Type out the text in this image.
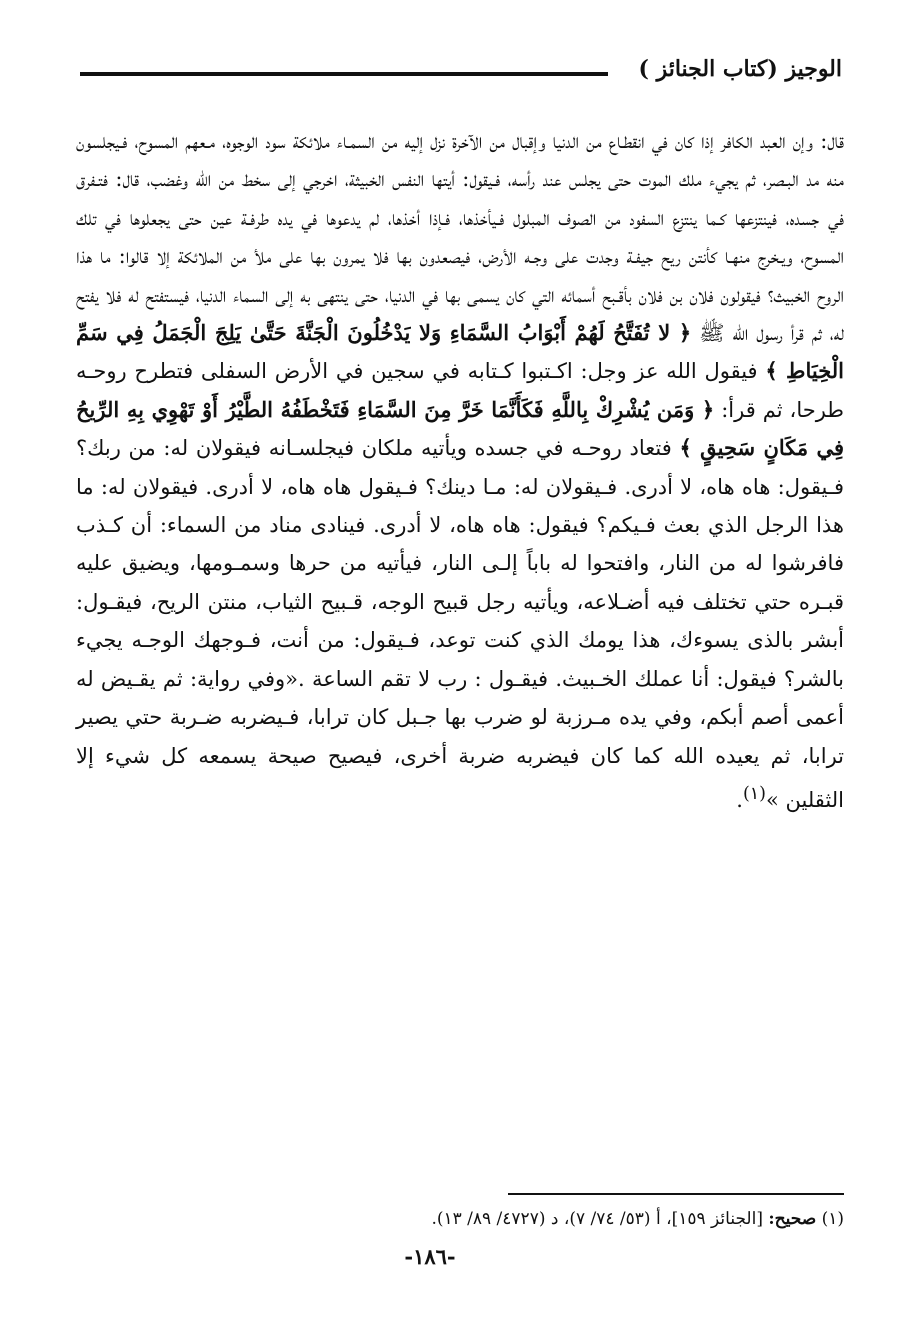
الوجيز (كتاب الجنائز )

قال: وإن العبد الكافر إذا كان في انقطـاع من الدنيا وإقبال من الآخرة نزل إليه من السمـاء ملائكة سود الوجوه، مـعهم المسوح، فـيجلسون منه مد البـصر، ثم يجيء ملك الموت حتى يجلس عند رأسه، فـيقول: أيتها النفس الخبيثة، اخرجي إلى سخط من الله وغضب، قال: فتـفرق في جسده، فينتزعها كـما ينتزع السفود من الصوف المبلول فـيأخذها، فـإذا أخذها، لم يدعوها في يده طرفـة عين حتى يجعلوها في تلك المسوح، ويـخرج منهـا كأنتن ريح جيفـة وجدت على وجـه الأرض، فيصعدون بها فلا يمرون بها على ملأ من الملائكة إلا قالوا: ما هذا الروح الخبيث؟ فيقولون فلان بن فلان بأقـبح أسمائه التي كان يسمى بها في الدنيا، حتى ينتهى به إلى السماء الدنيا، فيستفتح له فلا يفتح له، ثم قرأ رسول الله ﷺ ﴿ لا تُفَتَّحُ لَهُمْ أَبْوَابُ السَّمَاءِ وَلا يَدْخُلُونَ الْجَنَّةَ حَتَّىٰ يَلِجَ الْجَمَلُ فِي سَمِّ الْخِيَاطِ ﴾ فيقول الله عز وجل: اكـتبوا كـتابه في سجين في الأرض السفلى فتطرح روحـه طرحا، ثم قرأ: ﴿ وَمَن يُشْرِكْ بِاللَّهِ فَكَأَنَّمَا خَرَّ مِنَ السَّمَاءِ فَتَخْطَفُهُ الطَّيْرُ أَوْ تَهْوِي بِهِ الرِّيحُ فِي مَكَانٍ سَحِيقٍ ﴾ فتعاد روحـه في جسده ويأتيه ملكان فيجلسـانه فيقولان له: من ربك؟ فـيقول: هاه هاه، لا أدرى. فـيقولان له: مـا دينك؟ فـيقول هاه هاه، لا أدرى. فيقولان له: ما هذا الرجل الذي بعث فـيكم؟ فيقول: هاه هاه، لا أدرى. فينادى مناد من السماء: أن كـذب فافرشوا له من النار، وافتحوا له باباً إلـى النار، فيأتيه من حرها وسمـومها، ويضيق عليه قبـره حتي تختلف فيه أضـلاعه، ويأتيه رجل قبيح الوجه، قـبيح الثياب، منتن الريح، فيقـول: أبشر بالذى يسوءك، هذا يومك الذي كنت توعد، فـيقول: من أنت، فـوجهك الوجـه يجيء بالشر؟ فيقول: أنا عملك الخـبيث. فيقـول : رب لا تقم الساعة .«وفي رواية: ثم يقـيض له أعمى أصم أبكم، وفي يده مـرزبة لو ضرب بها جـبل كان ترابا، فـيضربه ضـربة حتي يصير ترابا، ثم يعيده الله كما كان فيضربه ضربة أخرى، فيصيح صيحة يسمعه كل شيء إلا الثقلين »$^{(١)}$.

(١) صحيح: [الجنائز ١٥٩]، أ (٥٣/ ٧٤/ ٧)، د (٤٧٢٧/ ٨٩/ ١٣).

-١٨٦-
